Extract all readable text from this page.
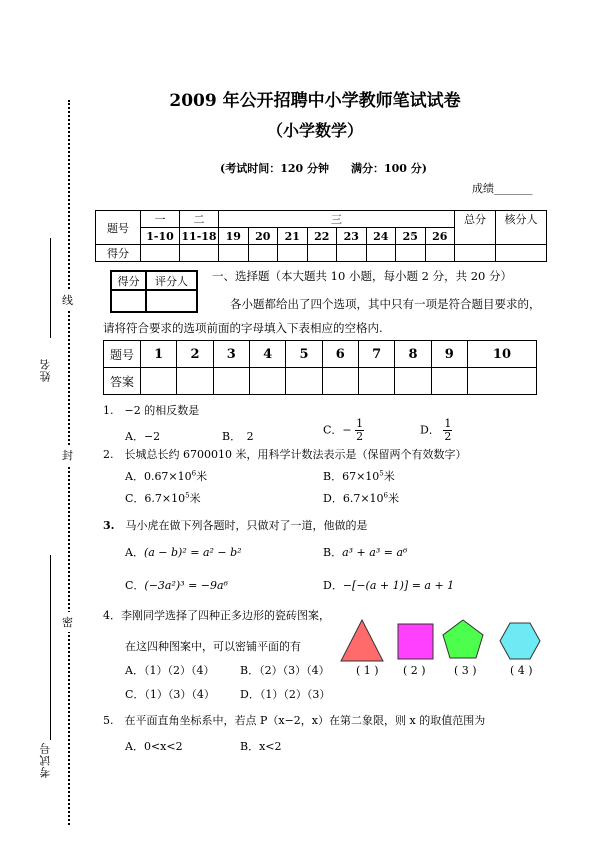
姓名
线
封
密
考试号
2009 年公开招聘中小学教师笔试试卷
（小学数学）
(考试时间：120 分钟　　满分：100 分)
成绩_______
题号	一	二	三								总分	核分人
	1-10	11-18	19	20	21	22	23	24	25	26		
得分												
得分	评分人
	一、选择题（本大题共 10 小题，每小题 2 分，共 20 分）
各小题都给出了四个选项，其中只有一项是符合题目要求的，
请将符合要求的选项前面的字母填入下表相应的空格内.
题号	1	2	3	4	5	6	7	8	9	10
答案										
1.　−2 的相反数是
A．−2	B．　2	C．− $\frac{1}{2}$	D． $\frac{1}{2}$
2.　长城总长约 6700010 米，用科学计数法表示是（保留两个有效数字）
A．$0.67\times 10^6$米	B．$67\times 10^5$米
C．$6.7\times 10^5$米	D．$6.7\times 10^6$米
3.　 马小虎在做下列各题时，只做对了一道，他做的是
A．(a − b)² = a² − b²	B．a³ + a³ = a⁶
C．(−3a²)³ = −9a⁶	D．−[−(a + 1)] = a + 1
4．李刚同学选择了四种正多边形的瓷砖图案，
在这四种图案中，可以密铺平面的有
A．（1）（2）（4） B．（2）（3）（4）
C．（1）（3）（4） D．（1）（2）（3）
( 1 ) ( 2 )	( 3 )	( 4 )
5.　在平面直角坐标系中，若点 P（x−2，x）在第二象限，则 x 的取值范围为
A．0<x<2	B．x<2
